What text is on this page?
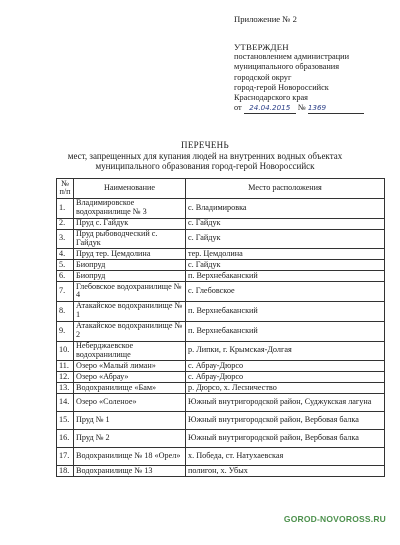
Приложение № 2
УТВЕРЖДЕН
постановлением администрации
муниципального образования
городской округ
город-герой Новороссийск
Краснодарского края
от 24.04.2015 № 1369
ПЕРЕЧЕНЬ
мест, запрещенных для купания людей на внутренних водных объектах
муниципального образования город-герой Новороссийск
№ п/п	Наименование	Место расположения
1.	Владимировское водохранилище № 3	с. Владимировка
2.	Пруд с. Гайдук	с. Гайдук
3.	Пруд рыбоводческий с. Гайдук	с. Гайдук
4.	Пруд тер. Цемдолина	тер. Цемдолина
5.	Биопруд	с. Гайдук
6.	Биопруд	п. Верхнебаканский
7.	Глебовское водохранилище № 4	с. Глебовское
8.	Атакайское водохранилище № 1	п. Верхнебаканский
9.	Атакайское водохранилище № 2	п. Верхнебаканский
10.	Неберджаевское водохранилище	р. Липки, г. Крымская-Долгая
11.	Озеро «Малый лиман»	с. Абрау-Дюрсо
12.	Озеро «Абрау»	с. Абрау-Дюрсо
13.	Водохранилище «Бам»	р. Дюрсо, х. Лесничество
14.	Озеро «Соленое»	Южный внутригородской район, Суджукская лагуна
15.	Пруд № 1	Южный внутригородской район, Вербовая балка
16.	Пруд № 2	Южный внутригородской район, Вербовая балка
17.	Водохранилище № 18 «Орел»	х. Победа, ст. Натухаевская
18.	Водохранилище № 13	полигон, х. Убых
GOROD-NOVOROSS.RU
